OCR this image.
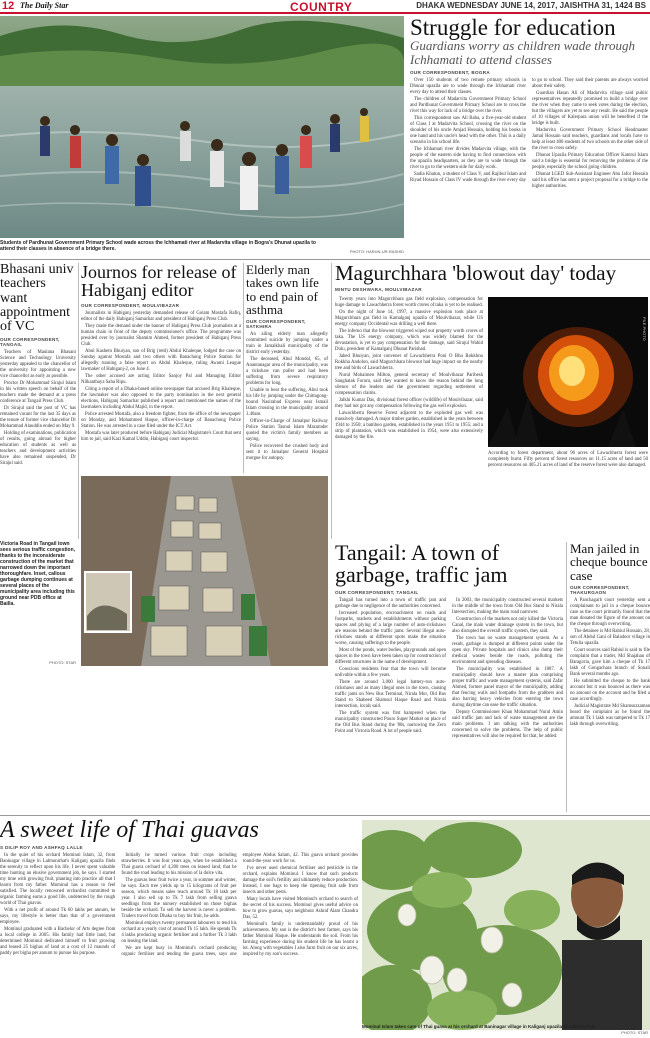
12 The Daily Star	COUNTRY	DHAKA WEDNESDAY JUNE 14, 2017, JAISHTHA 31, 1424 BS
Students of Pardhunat Government Primary School wade across the Ichhamati river at Madarvita village in Bogra's Dhunat upazila to attend their classes in absence of a bridge there.	PHOTO: HARUN-UR-RASHID
Struggle for education
Guardians worry as children wade through Ichhamati to attend classes
OUR CORRESPONDENT, BOGRA

Over 150 students of two remote primary schools in Dhunat upazila are to wade through the Ichhamati river every day to attend their classes.

The children of Madarvita Government Primary School and Pardhunat Government Primary School are to cross the river this way for lack of a bridge over the river.

This correspondent saw Ali Baba, a five-year-old student of Class I at Madarvita School, crossing the river on the shoulder of his uncle Amjad Hossain, holding his books in one hand and his uncle's head with the other. This is a daily scenario in his school life.

The Ichhamati river divides Madarvita village, with the people of the eastern side having to find connections with the upazila headquarters, as they are to wade through the river to go to the western side for daily work.

Sadia Khatun, a student of Class V, and Rajibul Islam and Riyad Hossain of Class IV wade through the river every day to go to school. They said their parents are always worried about their safety.

Guardian Hasan Ali of Madarvita village said public representatives repeatedly promised to build a bridge over the river when they came to seek votes during the election, but the villagers are yet to see any result. He said the people of 10 villages of Kalerpara union will be benefited if the bridge is built.

Madarvita Government Primary School Headmaster Jamal Hossain said teachers, guardians and locals have to help at least 400 students of two schools on the other side of the river to cross safely.

Dhunat Upazila Primary Education Officer Kamrul Islam said a bridge is essential for removing the problems of the people, especially the school going children.

Dhunat LGED Sub-Assistant Engineer Abu Jafor Hossain said his office has sent a project proposal for a bridge to the higher authorities.

Bhasani univ teachers want appointment of VC
OUR CORRESPONDENT, TANGAIL

Teachers of Maulana Bhasani Science and Technology University yesterday appealed to the chancellor of the university for appointing a new vice chancellor as early as possible.

Proctor Dr Mohammad Sirajul Islam in his written speech on behalf of the teachers made the demand at a press conference at Tangail Press Club.

Dr Sirajul said the post of VC has remained vacant for the last 35 days as the tenure of former vice chancellor Dr Mohammad Alauddin ended on May 9.

Holding of examinations, publication of results, going abroad for higher education of students as well as teachers and development activities have also remained suspended, Dr Sirajul said.

Journos for release of Habiganj editor
OUR CORRESPONDENT, MOULVIBAZAR

Journalists in Habiganj yesterday demanded release of Golam Mostafa Rafiq, editor of the daily Habiganj Samachar and president of Habiganj Press Club.

They made the demand under the banner of Habiganj Press Club journalists at a human chain in front of the deputy commissioner's office. The programme was presided over by journalist Shamim Ahmed, former president of Habiganj Press Club.

Abul Kashem Bhuiyan, son of Brig (retd) Abdul Khaleque, lodged the case on Sunday against Mostafa and two others with Banachong Police Station for allegedly running a false report on Abdul Khaleque, ruling Awami League lawmaker of Habiganj-2, on June 4.

The other accused are acting Editor Sanjoy Pal and Managing Editor Nilkanthaya Saha Ripu.

Citing a report of a Dhaka-based online newspaper that accused Brig Khaleque, the lawmaker was also opposed to the party nomination in the next general elections, Habiganj Samachar published a report and mentioned the names of the lawmakers including Abdul Majid, in the report.

Police arrested Mostafa, also a freedom fighter, from the office of the newspaper on Monday, and Mohammed Haque, officer-in-charge of Banachong Police Station. He was arrested in a case filed under the ICT Act.

Mostafa was later produced before Habiganj Judicial Magistrate's Court that sent him to jail, said Kazi Kamal Uddin, Habiganj court inspector.

Elderly man takes own life to end pain of asthma
OUR CORRESPONDENT, SATKHIRA

An ailing elderly man allegedly committed suicide by jumping under a train in Jamalkhali municipality of the district early yesterday.

The deceased, Abul Mondol, 65, of Anantanagar area of the municipality, was a rickshaw van puller and had been suffering from severe respiratory problems for long.

Unable to bear the suffering, Abul took his life by jumping under the Chittagong-bound Nasirabad Express near Ismail Islam crossing in the municipality around 3.40am.

Officer-in-Charge of Jamalpur Railway Police Station Tasnul Islam Mazumder quoted the victim's family members as saying.

Police recovered the crushed body and sent it to Jamalpur General Hospital morgue for autopsy.

Magurchhara 'blowout day' today
MINTU DESHWARA, MOULVIBAZAR

Twenty years into Magurchhara gas field explosion, compensation for huge damage to Lawachherra forest worth crores of taka is yet to be realised.

On the night of June 14, 1997, a massive explosion took place at Magurchhara gas field in Kamalganj upazila of Moulvibazar, while US energy company Occidental was drilling a well there.

The inferno that the blowout triggered wiped out property worth crores of taka. The US energy company, which was widely blamed for the devastation, is yet to pay compensation for the damage, said Sirajul Wahid Dulu, president of Kamalganj Dhunat Parishad.

Jahed Bhuiyan, joint convener of Lawachherra Poni O Bhu Rokkhno Rokkha Andolon, said Magurchhara blowout had huge impact on the nearby tree and birds of Lawachherra.

Nurul Mohaimen Milton, general secretary of Moulvibazar Paribesh Sanghatak Forum, said they wanted to know the reason behind the long silence of the leaders and the government regarding settlement of compensation claims.

Jalkhi Kumar Das, divisional forest officer (wildlife) of Moulvibazar, said they had not got any compensation following the gas well explosion.

Lawachherra Reserve Forest adjacent to the exploded gas well was massively damaged. A major timber garden, established in the years between 1944 to 1950; a bamboo garden, established in the years 1951 to 1955; and a strip of plantation, which was established in 1954, were also extensively damaged by the fire.

FILE PHOTO
According to forest department, about 96 acres of Lawachherra forest were completely burnt. Fifty percent of forest resources on 11.15 acres of land and 50 percent resources on 405.21 acres of land of the reserve forest were also damaged.
Victoria Road in Tangail town sees serious traffic congestion, thanks to the inconsiderate construction of the market that narrowed down the important thoroughfare. Inset, callous garbage dumping continues at several places of the municipality area including this ground near PDB office at Bailla.
PHOTO: STAR
Tangail: A town of garbage, traffic jam
OUR CORRESPONDENT, TANGAIL

Tangail has turned into a town of traffic jam and garbage due to negligence of the authorities concerned.

Increased population, encroachment on roads and footpaths, markets and establishments without parking spaces and plying of a large number of auto-rickshaws are reasons behind the traffic jams. Several illegal auto-rickshaw stands at different spots make the situation worse, causing sufferings to the people.

Most of the ponds, water bodies, playgrounds and open spaces in the town have been taken up for construction of different structures in the name of development.

Conscious residents fear that the town will become unlivable within a few years.

There are around 3,000 legal battery-run auto-rickshaws and as many illegal ones in the town, causing traffic jams on New Bus Terminal, Nirala Mor, Old Bus Stand to Shaheed Shamsul Haque Road and Nirala intersection, locals said.

The traffic system was first hampered when the municipality constructed Pouro Super Market on place of the Old Bus Stand during the '80s, narrowing the Zero Point and Victoria Road. A lot of people said.

In 2003, the municipality constructed several markets in the middle of the town from Old Bus Stand to Nirala Intersection, making the main road narrower.

Construction of the markets not only killed the Victoria Canal, the main water drainage system in the town, but also disrupted the overall traffic system, they said.

The town has no waste management system. As a result, garbage is dumped at different points under the open sky. Private hospitals and clinics also dump their medical wastes beside the roads, polluting the environment and spreading diseases.

The municipality was established in 1887. A municipality should have a master plan comprising proper traffic and waste management systems, said Zafar Ahmed, former panel mayor of the municipality, adding that fencing walls and footpaths from the grabbers and also barring heavy vehicles from entering the town during daytime can ease the traffic situation.

Deputy Commissioner Khan Mohammad Nurul Amin said traffic jam and lack of waste management are the main problems. I am talking with the authorities concerned to solve the problems. The help of public representatives will also be required for that, he added.

Man jailed in cheque bounce case
OUR CORRESPONDENT, THAKURGAON

A Panchagarh court yesterday sent a complainant to jail in a cheque bounce case as the court primarily found that the man donated the figure of the amount on the cheque through overwriting.

The detainee is Md Rabiul Hossain, 28, son of Abdul Gani of Baladoor village in Tetulia upazila.

Court sources said Rabiul is said to file complaint that a trader, Md Shajahan of Baragoria, gave him a cheque of Tk 17 lakh of Gongachara branch of Sonali Bank several months ago.

He submitted the cheque to the bank account but it was bounced as there was no amount on the account and he filed a case accordingly.

Judicial Magistrate Md Shamsuzzaman heard the complaint as he found the amount Tk 1 lakh was tampered to Tk 17 lakh through overwriting.

A sweet life of Thai guavas
S DILIP ROY AND ASHFAQ LALLE

In the quiet of his orchard Mominul Islam, 32, from Baninagar village in Lalmonirhat's Kaliganj upazila finds the serenity to reflect upon his life. I never spent valuable time hunting an elusive government job, he says. I started my time with growing fruit, planting into practice all that I learnt from my father. Mominul has a reason to feel satisfied. The locally renowned orchardist committed to organic farming earns a good life, undeterred by the rough world of Thai guavas.

With a net profit of around Tk 60 lakhs per annum, he says, my lifestyle is better than that of a government employee.

Mominul graduated with a Bachelor of Arts degree from a local college in 2005. His family had little land, but determined Mominul dedicated himself to fruit growing and leased 25 bighas of land at a cost of 12 maunds of paddy per bigha per annum to pursue his purpose.

Initially he turned various fruit crops including strawberries. It was four years ago, when he established a Thai guava orchard of 4,200 trees on leased land, that he found the road leading to his mission of la dolce vita.

The guavas bear fruit twice a year, in summer and winter, he says. Each tree yields up to 15 kilograms of fruit per season, which means sales reach around Tk 18 lakh per year. I also sell up to Tk 7 lakh from selling guava seedlings from the nursery established on those bighas beside the orchard. To sell the harvest is never a problem. Traders travel from Dhaka to buy his fruit, he adds.

Mominul employs twenty permanent labourers to tend his orchard at a yearly cost of around Tk 15 lakh. He spends Tk 4 lakhs producing organic fertiliser and a further Tk 3 lakh on leasing the land.

We are kept busy in Mominul's orchard producing organic fertiliser and tending the guava trees, says one employee Abdus Salam, 42. This guava orchard provides round-the-year work for us.

I've never used chemical fertiliser and pesticide in the orchard, explains Mominul. I know that such products damage the soil's fertility and ultimately reduce production. Instead, I use bags to keep the ripening fruit safe from insects and other pests.

Many locals have visited Mominul's orchard to search of the secret of his success. Mominul gives useful advice on how to grow guavas, says neighbour Ashraf Alam Chandra Das, 52.

Mominul's family is understandably proud of his achievements. My son is the district's best farmer, says his father Mominul Haque. He understands the soil. From his farming experience during his student life he has learnt a lot. Along with vegetables I also farm fruit on our six acres, inspired by my son's success.

Mominul Islam takes care of Thai guava at his orchard at Baninagar village in Kaliganj upazila of Lalmonirhat.
PHOTO: STAR
